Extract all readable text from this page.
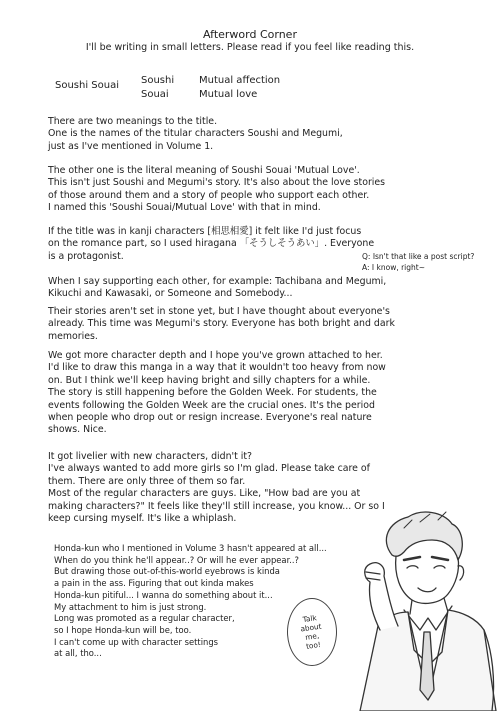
Afterword Corner
I'll be writing in small letters. Please read if you feel like reading this.
Soushi Souai Soushi
Souai
Mutual affection
Mutual love

There are two meanings to the title.

One is the names of the titular characters Soushi and Megumi,

just as I've mentioned in Volume 1.

The other one is the literal meaning of Soushi Souai 'Mutual Love'.

This isn't just Soushi and Megumi's story. It's also about the love stories

of those around them and a story of people who support each other.

I named this 'Soushi Souai/Mutual Love' with that in mind.

If the title was in kanji characters [相思相愛] it felt like I'd just focus

on the romance part, so I used hiragana 「そうしそうあい」. Everyone

is a protagonist.	Q: Isn't that like a post script?

A: I know, right~

When I say supporting each other, for example: Tachibana and Megumi,

Kikuchi and Kawasaki, or Someone and Somebody...

Their stories aren't set in stone yet, but I have thought about everyone's

already. This time was Megumi's story. Everyone has both bright and dark

memories.

We got more character depth and I hope you've grown attached to her.

I'd like to draw this manga in a way that it wouldn't too heavy from now

on. But I think we'll keep having bright and silly chapters for a while.

The story is still happening before the Golden Week. For students, the

events following the Golden Week are the crucial ones. It's the period

when people who drop out or resign increase. Everyone's real nature

shows. Nice.

It got livelier with new characters, didn't it?

I've always wanted to add more girls so I'm glad. Please take care of

them. There are only three of them so far.

Most of the regular characters are guys. Like, "How bad are you at

making characters?" It feels like they'll still increase, you know... Or so I

keep cursing myself. It's like a whiplash.

Honda-kun who I mentioned in Volume 3 hasn't appeared at all...

When do you think he'll appear..? Or will he ever appear..?

But drawing those out-of-this-world eyebrows is kinda

a pain in the ass. Figuring that out kinda makes

Honda-kun pitiful... I wanna do something about it...

My attachment to him is just strong.

Long was promoted as a regular character,

so I hope Honda-kun will be, too.

I can't come up with character settings

at all, tho...

Talk
about
me,
too!
